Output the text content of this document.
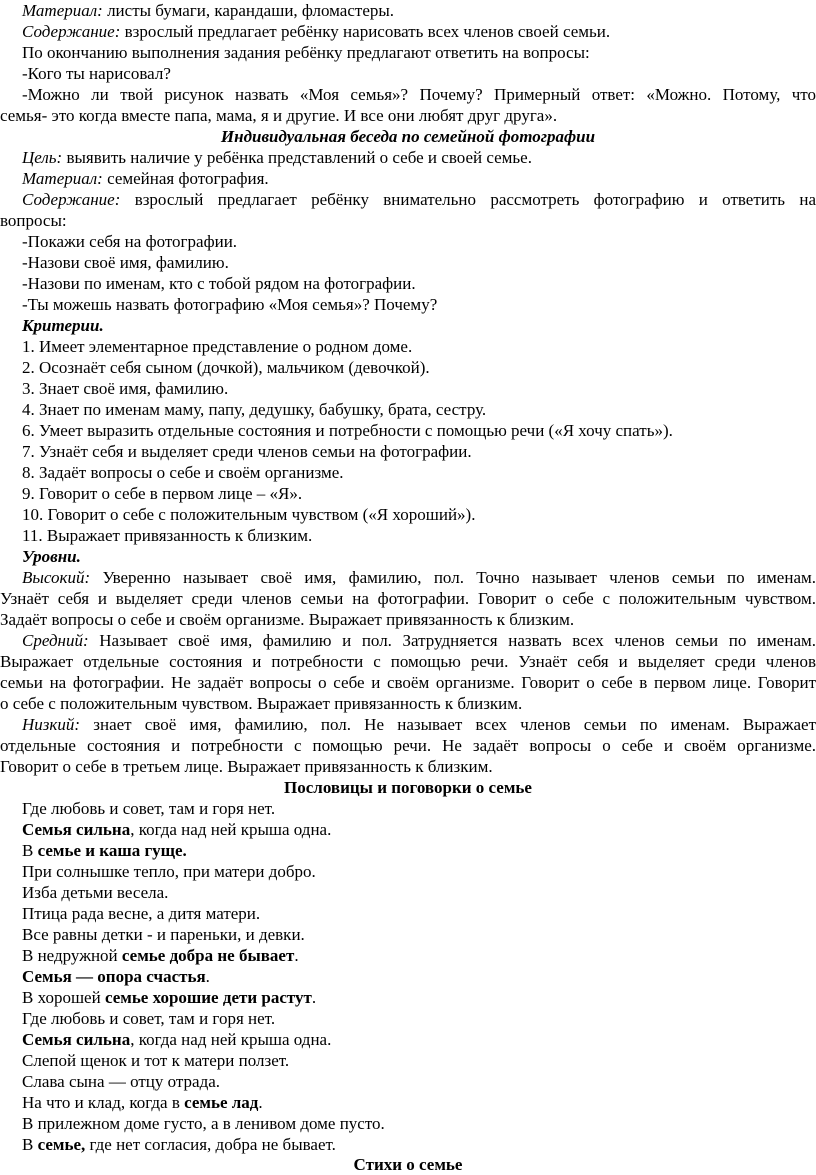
Материал: листы бумаги, карандаши, фломастеры.
Содержание: взрослый предлагает ребёнку нарисовать всех членов своей семьи.
По окончанию выполнения задания ребёнку предлагают ответить на вопросы:
-Кого ты нарисовал?
-Можно ли твой рисунок назвать «Моя семья»? Почему? Примерный ответ: «Можно. Потому, что
семья- это когда вместе папа, мама, я и другие. И все они любят друг друга».
Индивидуальная беседа по семейной фотографии
Цель: выявить наличие у ребёнка представлений о себе и своей семье.
Материал: семейная фотография.
Содержание: взрослый предлагает ребёнку внимательно рассмотреть фотографию и ответить на
вопросы:
-Покажи себя на фотографии.
-Назови своё имя, фамилию.
-Назови по именам, кто с тобой рядом на фотографии.
-Ты можешь назвать фотографию «Моя семья»? Почему?
Критерии.
1. Имеет элементарное представление о родном доме.
2. Осознаёт себя сыном (дочкой), мальчиком (девочкой).
3. Знает своё имя, фамилию.
4. Знает по именам маму, папу, дедушку, бабушку, брата, сестру.
6. Умеет выразить отдельные состояния и потребности с помощью речи («Я хочу спать»).
7. Узнаёт себя и выделяет среди членов семьи на фотографии.
8. Задаёт вопросы о себе и своём организме.
9. Говорит о себе в первом лице – «Я».
10. Говорит о себе с положительным чувством («Я хороший»).
11. Выражает привязанность к близким.
Уровни.
Высокий: Уверенно называет своё имя, фамилию, пол. Точно называет членов семьи по именам.
Узнаёт себя и выделяет среди членов семьи на фотографии. Говорит о себе с положительным чувством.
Задаёт вопросы о себе и своём организме. Выражает привязанность к близким.
Средний: Называет своё имя, фамилию и пол. Затрудняется назвать всех членов семьи по именам.
Выражает отдельные состояния и потребности с помощью речи. Узнаёт себя и выделяет среди членов
семьи на фотографии. Не задаёт вопросы о себе и своём организме. Говорит о себе в первом лице. Говорит
о себе с положительным чувством. Выражает привязанность к близким.
Низкий: знает своё имя, фамилию, пол. Не называет всех членов семьи по именам. Выражает
отдельные состояния и потребности с помощью речи. Не задаёт вопросы о себе и своём организме.
Говорит о себе в третьем лице. Выражает привязанность к близким.
Пословицы и поговорки о семье
Где любовь и совет, там и горя нет.
Семья сильна, когда над ней крыша одна.
В семье и каша гуще.
При солнышке тепло, при матери добро.
Изба детьми весела.
Птица рада весне, а дитя матери.
Все равны детки - и пареньки, и девки.
В недружной семье добра не бывает.
Семья — опора счастья.
В хорошей семье хорошие дети растут.
Где любовь и совет, там и горя нет.
Семья сильна, когда над ней крыша одна.
Слепой щенок и тот к матери ползет.
Слава сына — отцу отрада.
На что и клад, когда в семье лад.
В прилежном доме густо, а в ленивом доме пусто.
В семье, где нет согласия, добра не бывает.
Стихи о семье
